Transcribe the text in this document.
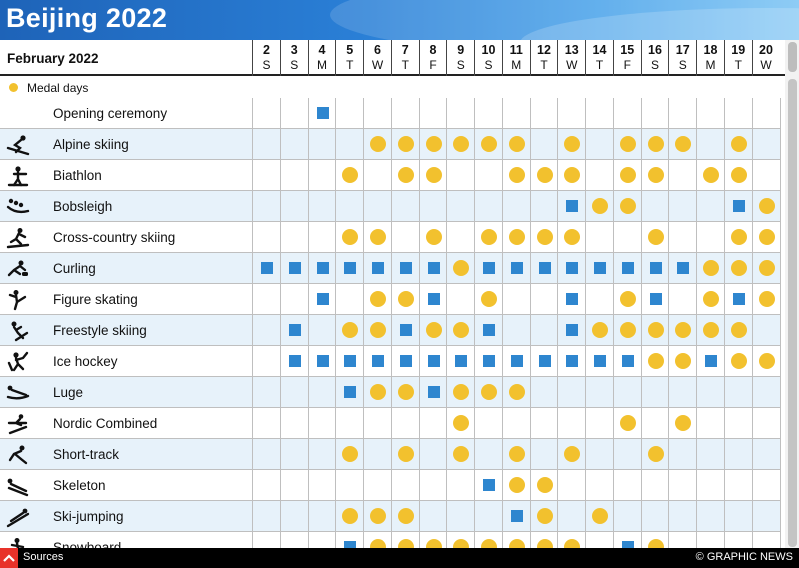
Beijing 2022
February 2022
2
S
3
S
4
M
5
T
6
W
7
T
8
F
9
S
10
S
11
M
12
T
13
W
14
T
15
F
16
S
17
S
18
M
19
T
20
W
Medal days
Opening ceremony
Alpine skiing
Biathlon
Bobsleigh
Cross-country skiing
Curling
Figure skating
Freestyle skiing
Ice hockey
Luge
Nordic Combined
Short-track
Skeleton
Ski-jumping
Sources	© GRAPHIC NEWS
